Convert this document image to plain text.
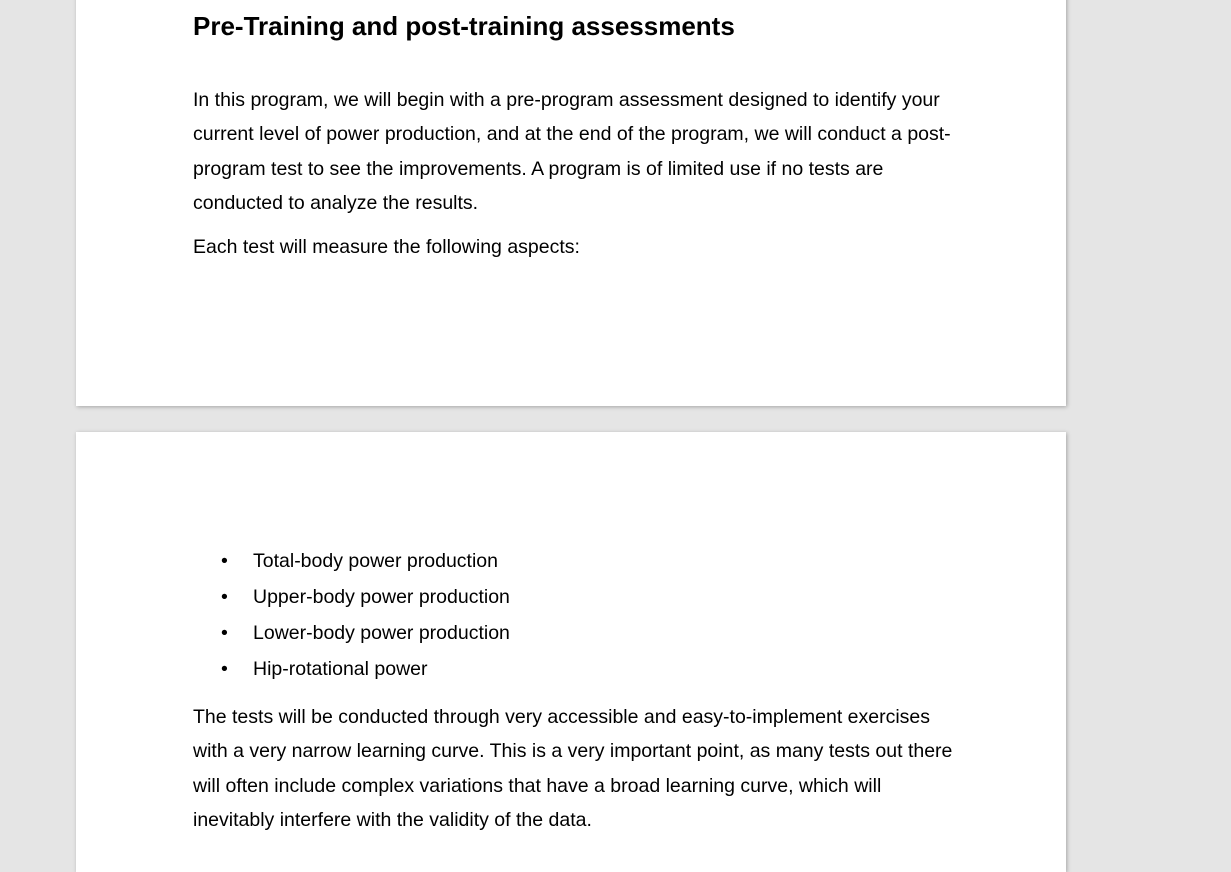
Pre-Training and post-training assessments

In this program, we will begin with a pre-program assessment designed to identify your current level of power production, and at the end of the program, we will conduct a post-program test to see the improvements. A program is of limited use if no tests are conducted to analyze the results.

Each test will measure the following aspects:

• Total-body power production
• Upper-body power production
• Lower-body power production
• Hip-rotational power

The tests will be conducted through very accessible and easy-to-implement exercises with a very narrow learning curve. This is a very important point, as many tests out there will often include complex variations that have a broad learning curve, which will inevitably interfere with the validity of the data.
